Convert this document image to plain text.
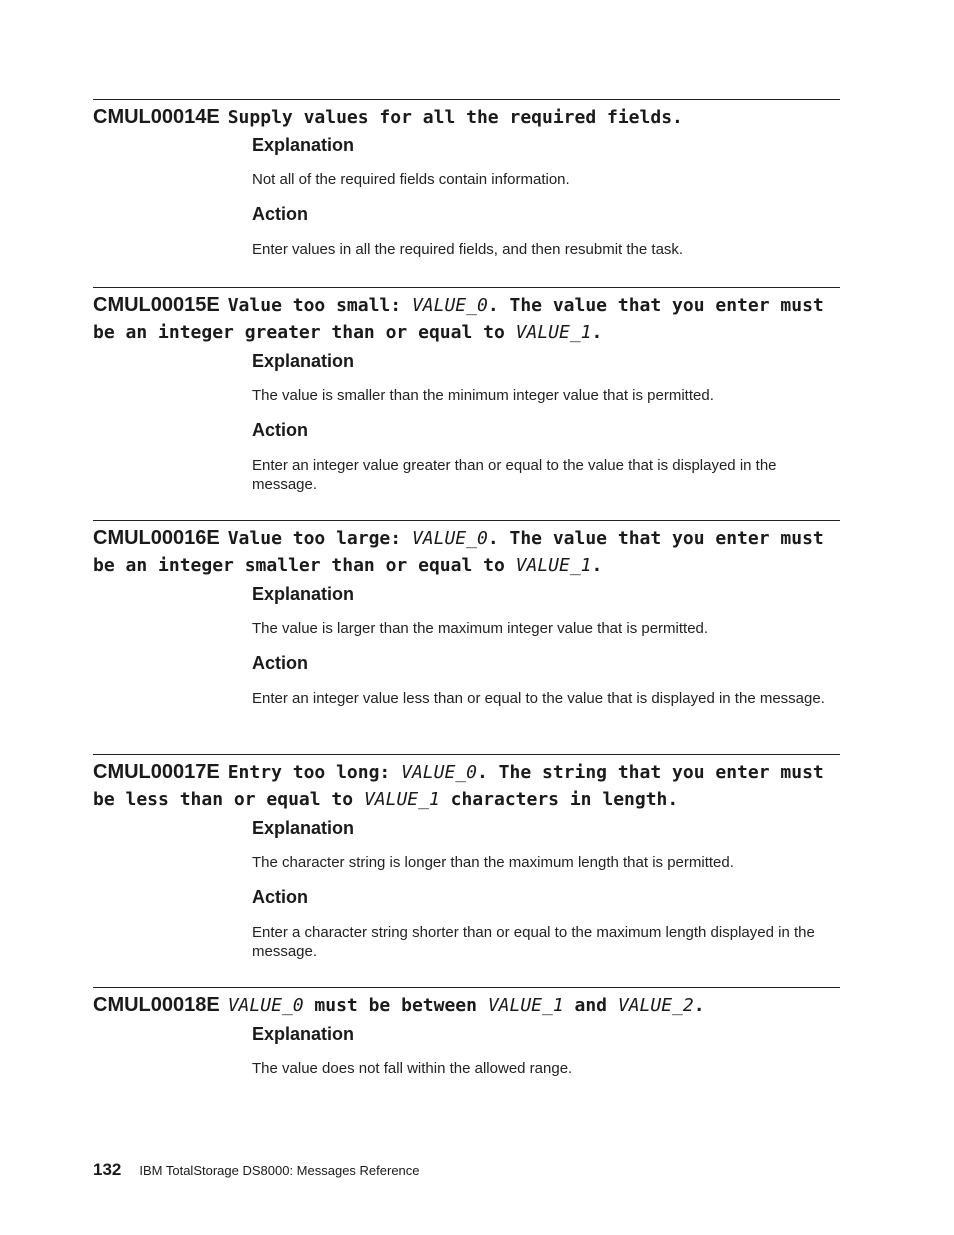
CMUL00014E Supply values for all the required fields.
Explanation

Not all of the required fields contain information.

Action

Enter values in all the required fields, and then resubmit the task.

CMUL00015E Value too small: VALUE_0. The value that you enter must be an integer greater than or equal to VALUE_1.
Explanation

The value is smaller than the minimum integer value that is permitted.

Action

Enter an integer value greater than or equal to the value that is displayed in the message.

CMUL00016E Value too large: VALUE_0. The value that you enter must be an integer smaller than or equal to VALUE_1.
Explanation

The value is larger than the maximum integer value that is permitted.

Action

Enter an integer value less than or equal to the value that is displayed in the message.

CMUL00017E Entry too long: VALUE_0. The string that you enter must be less than or equal to VALUE_1 characters in length.
Explanation

The character string is longer than the maximum length that is permitted.

Action

Enter a character string shorter than or equal to the maximum length displayed in the message.

CMUL00018E VALUE_0 must be between VALUE_1 and VALUE_2.
Explanation

The value does not fall within the allowed range.

132 IBM TotalStorage DS8000: Messages Reference
